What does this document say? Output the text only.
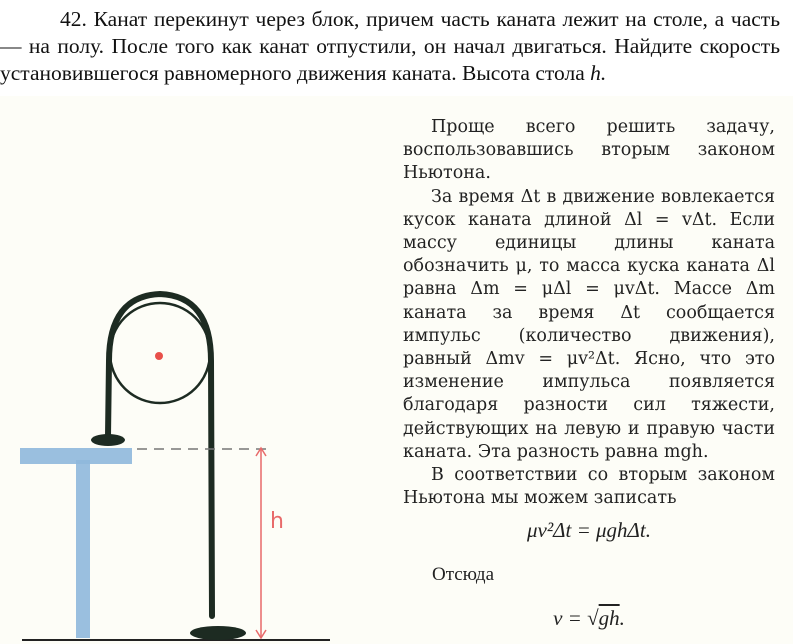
42. Канат перекинут через блок, причем часть каната лежит на столе, а часть — на полу. После того как канат отпустили, он начал двигаться. Найдите скорость установившегося равномерного движения каната. Высота стола h.

h

Проще всего решить задачу, воспользовавшись вторым законом Ньютона.

За время Δt в движение вовлекается кусок каната длиной Δl = vΔt. Если массу единицы длины каната обозначить μ, то масса куска каната Δl равна Δm = μΔl = μvΔt. Массе Δm каната за время Δt сообщается импульс (количество движения), равный Δmv = μv²Δt. Ясно, что это изменение импульса появляется благодаря разности сил тяжести, действующих на левую и правую части каната. Эта разность равна mgh.

В соответствии со вторым законом Ньютона мы можем записать

μv²Δt = μghΔt.
Отсюда
v = √gh.
